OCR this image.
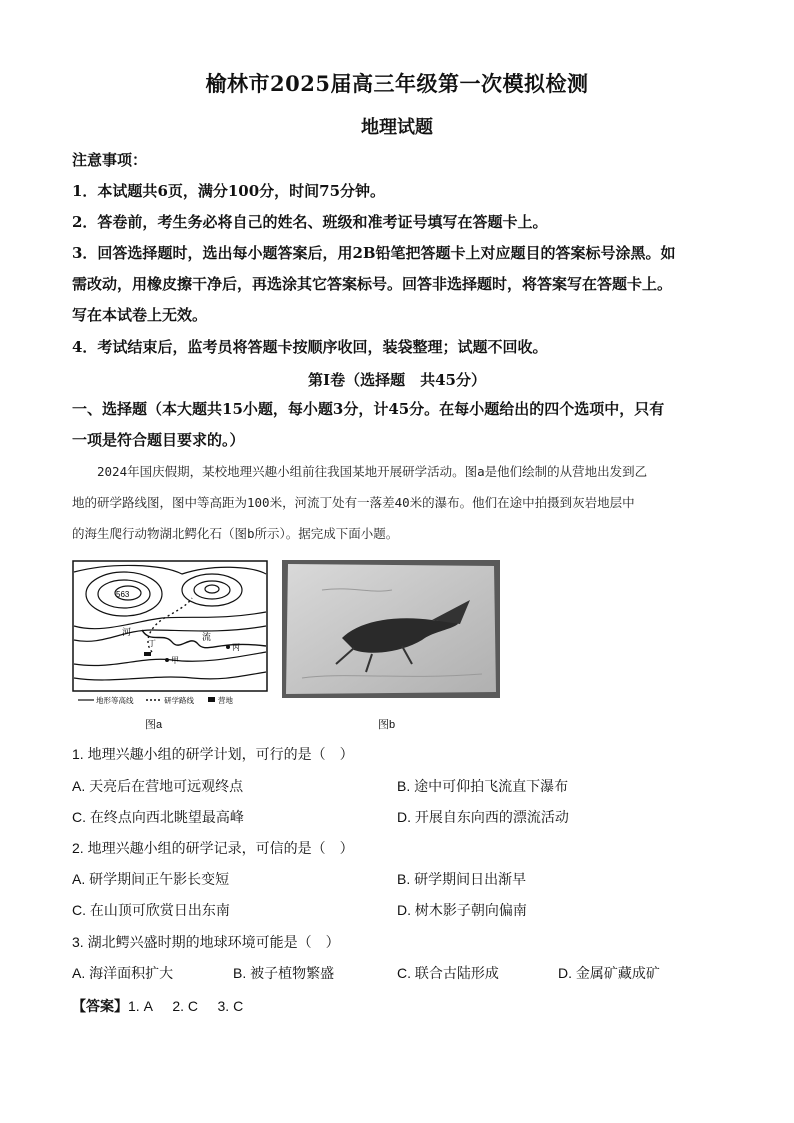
榆林市2025届高三年级第一次模拟检测
地理试题
注意事项：
1．本试题共6页，满分100分，时间75分钟。
2．答卷前，考生务必将自己的姓名、班级和准考证号填写在答题卡上。
3．回答选择题时，选出每小题答案后，用2B铅笔把答题卡上对应题目的答案标号涂黑。如
需改动，用橡皮擦干净后，再选涂其它答案标号。回答非选择题时，将答案写在答题卡上。
写在本试卷上无效。
4．考试结束后，监考员将答题卡按顺序收回，装袋整理；试题不回收。
第Ⅰ卷（选择题　共45分）
一、选择题（本大题共15小题，每小题3分，计45分。在每小题给出的四个选项中，只有
一项是符合题目要求的。）
　　2024年国庆假期，某校地理兴趣小组前往我国某地开展研学活动。图a是他们绘制的从营地出发到乙
地的研学路线图，图中等高距为100米，河流丁处有一落差40米的瀑布。他们在途中拍摄到灰岩地层中
的海生爬行动物湖北鳄化石（图b所示）。据完成下面小题。
563
河	流
丁
甲
丙
地形等高线	研学路线	营地
图a	图b
1. 地理兴趣小组的研学计划，可行的是（　）
A. 天亮后在营地可远观终点	B. 途中可仰拍飞流直下瀑布
C. 在终点向西北眺望最高峰	D. 开展自东向西的漂流活动
2. 地理兴趣小组的研学记录，可信的是（　）
A. 研学期间正午影长变短	B. 研学期间日出渐早
C. 在山顶可欣赏日出东南	D. 树木影子朝向偏南
3. 湖北鳄兴盛时期的地球环境可能是（　）
A. 海洋面积扩大	B. 被子植物繁盛	C. 联合古陆形成	D. 金属矿藏成矿
【答案】1. A 2. C 3. C
